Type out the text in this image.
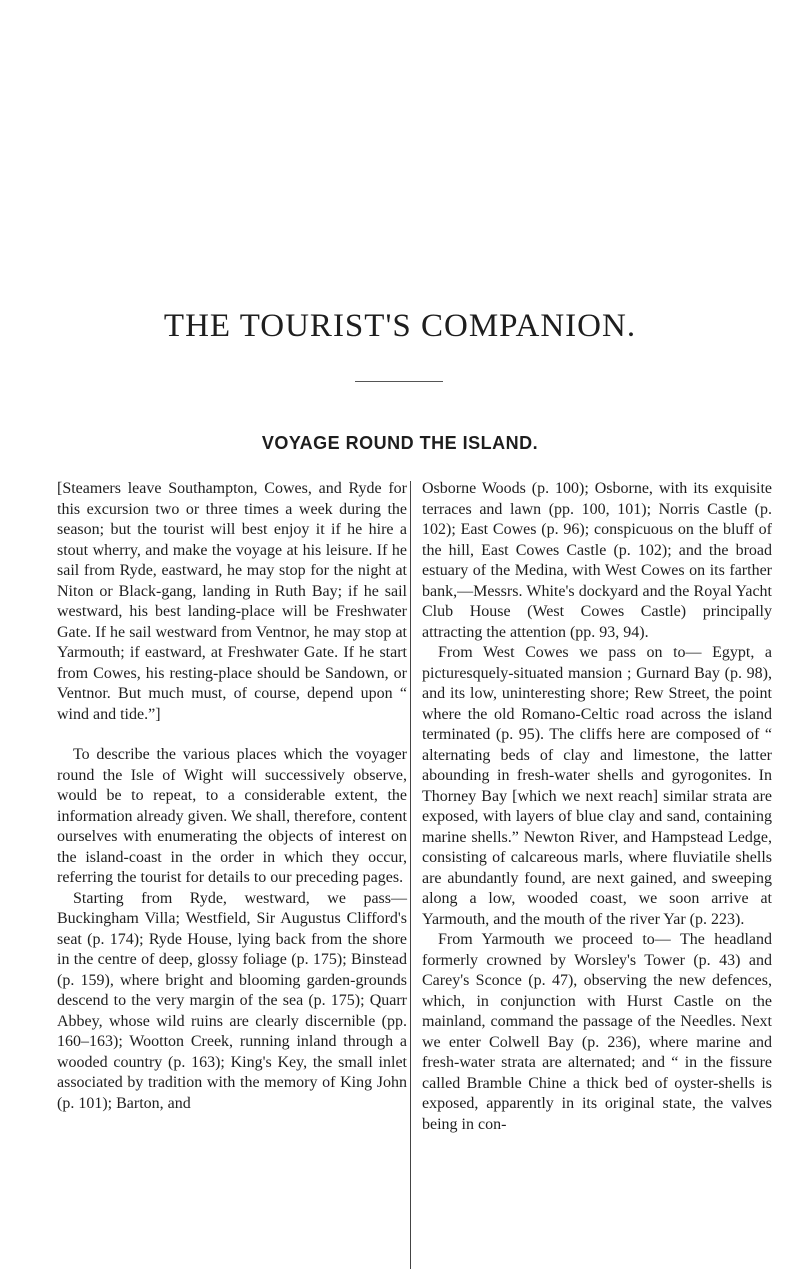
THE TOURIST'S COMPANION.
VOYAGE ROUND THE ISLAND.

[Steamers leave Southampton, Cowes, and Ryde for this excursion two or three times a week during the season; but the tourist will best enjoy it if he hire a stout wherry, and make the voyage at his leisure. If he sail from Ryde, eastward, he may stop for the night at Niton or Black-gang, landing in Ruth Bay; if he sail westward, his best landing-place will be Freshwater Gate. If he sail westward from Ventnor, he may stop at Yarmouth; if eastward, at Freshwater Gate. If he start from Cowes, his resting-place should be Sandown, or Ventnor. But much must, of course, depend upon “ wind and tide.”]

To describe the various places which the voyager round the Isle of Wight will successively observe, would be to repeat, to a considerable extent, the information already given. We shall, therefore, content ourselves with enumerating the objects of interest on the island-coast in the order in which they occur, referring the tourist for details to our preceding pages.

Starting from Ryde, westward, we pass— Buckingham Villa; Westfield, Sir Augustus Clifford's seat (p. 174); Ryde House, lying back from the shore in the centre of deep, glossy foliage (p. 175); Binstead (p. 159), where bright and blooming garden-grounds descend to the very margin of the sea (p. 175); Quarr Abbey, whose wild ruins are clearly discernible (pp. 160–163); Wootton Creek, running inland through a wooded country (p. 163); King's Key, the small inlet associated by tradition with the memory of King John (p. 101); Barton, and

Osborne Woods (p. 100); Osborne, with its exquisite terraces and lawn (pp. 100, 101); Norris Castle (p. 102); East Cowes (p. 96); conspicuous on the bluff of the hill, East Cowes Castle (p. 102); and the broad estuary of the Medina, with West Cowes on its farther bank,—Messrs. White's dockyard and the Royal Yacht Club House (West Cowes Castle) principally attracting the attention (pp. 93, 94).

From West Cowes we pass on to— Egypt, a picturesquely-situated mansion ; Gurnard Bay (p. 98), and its low, uninteresting shore; Rew Street, the point where the old Romano-Celtic road across the island terminated (p. 95). The cliffs here are composed of “ alternating beds of clay and limestone, the latter abounding in fresh-water shells and gyrogonites. In Thorney Bay [which we next reach] similar strata are exposed, with layers of blue clay and sand, containing marine shells.” Newton River, and Hampstead Ledge, consisting of calcareous marls, where fluviatile shells are abundantly found, are next gained, and sweeping along a low, wooded coast, we soon arrive at Yarmouth, and the mouth of the river Yar (p. 223).

From Yarmouth we proceed to— The headland formerly crowned by Worsley's Tower (p. 43) and Carey's Sconce (p. 47), observing the new defences, which, in conjunction with Hurst Castle on the mainland, command the passage of the Needles. Next we enter Colwell Bay (p. 236), where marine and fresh-water strata are alternated; and “ in the fissure called Bramble Chine a thick bed of oyster-shells is exposed, apparently in its original state, the valves being in con-
